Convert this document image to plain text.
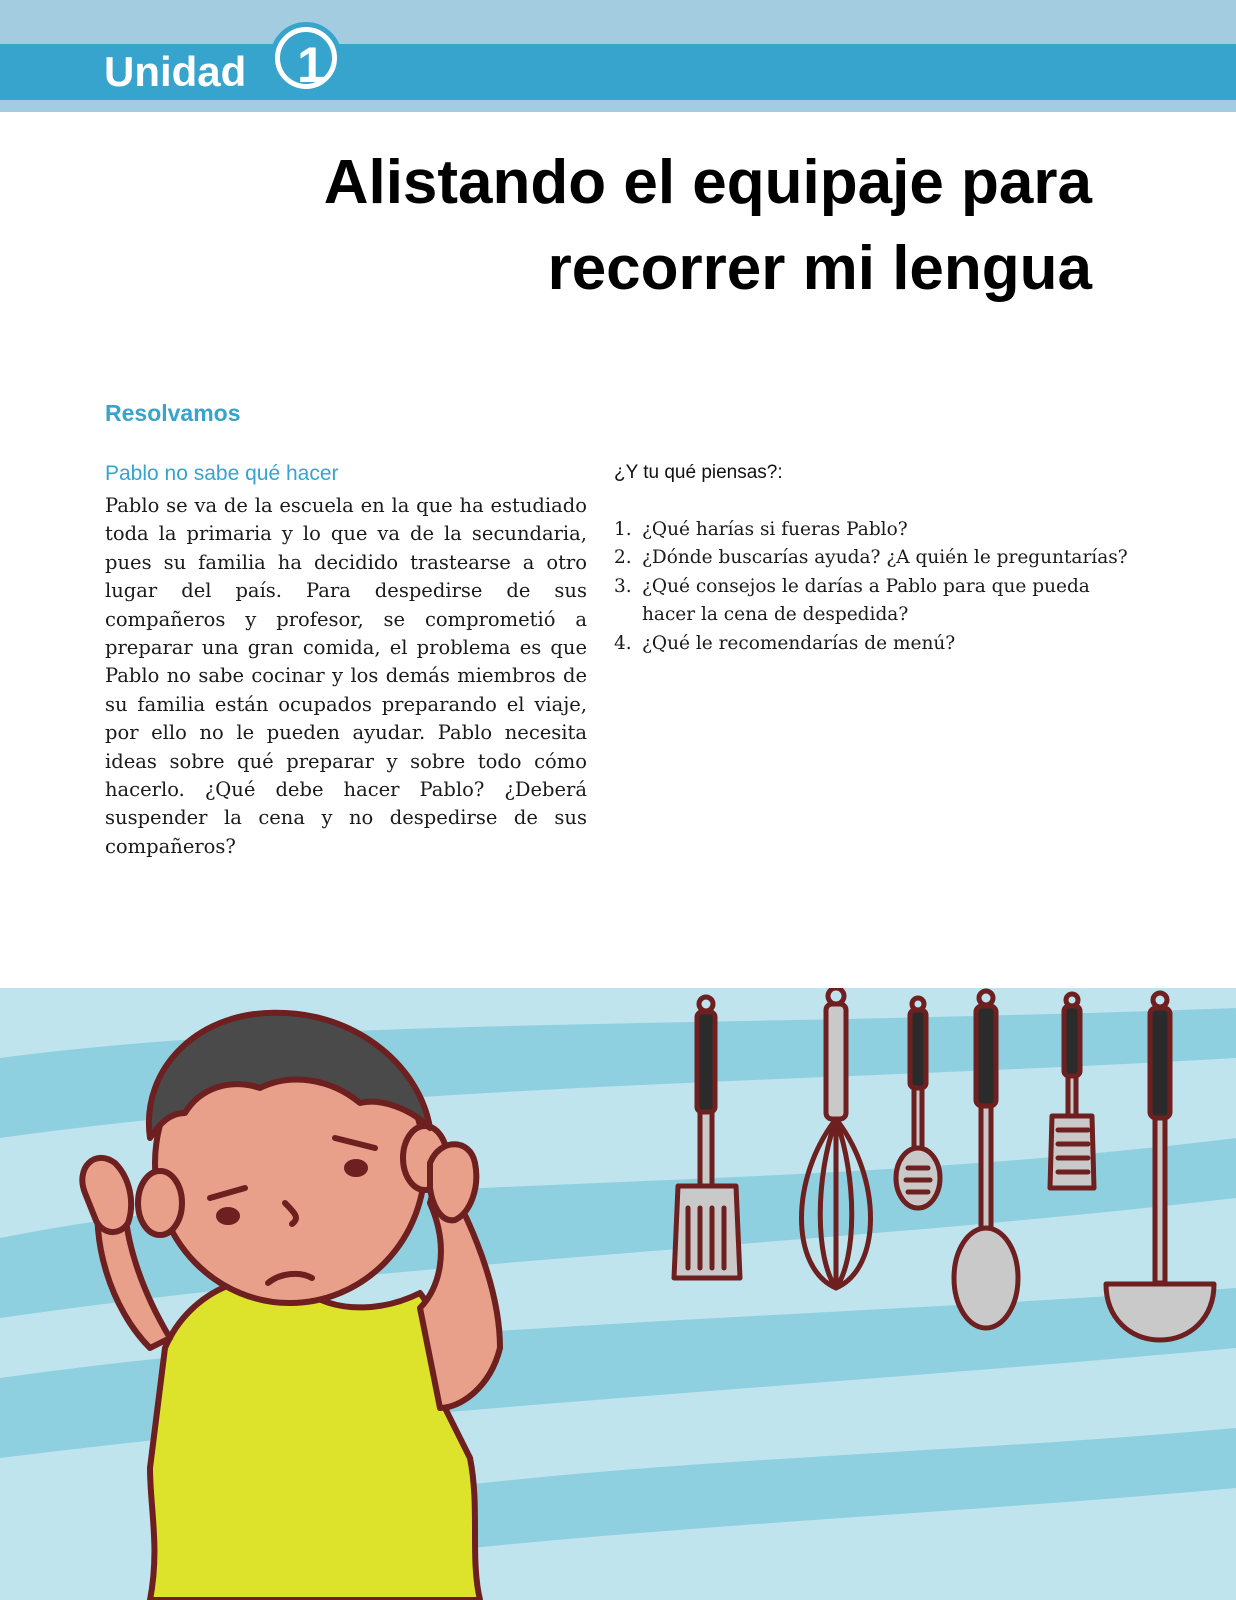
Unidad	1
Alistando el equipaje para
recorrer mi lengua
Resolvamos
Pablo no sabe qué hacer

Pablo se va de la escuela en la que ha estudiado toda la primaria y lo que va de la secundaria, pues su familia ha decidido trastearse a otro lugar del país. Para despedirse de sus compañeros y profesor, se comprometió a preparar una gran comida, el problema es que Pablo no sabe cocinar y los demás miembros de su familia están ocupados preparando el viaje, por ello no le pueden ayudar. Pablo necesita ideas sobre qué preparar y sobre todo cómo hacerlo. ¿Qué debe hacer Pablo? ¿Deberá suspender la cena y no despedirse de sus compañeros?

¿Y tu qué piensas?:
1. ¿Qué harías si fueras Pablo?
2. ¿Dónde buscarías ayuda? ¿A quién le preguntarías?
3. ¿Qué consejos le darías a Pablo para que pueda hacer la cena de despedida?
4. ¿Qué le recomendarías de menú?
